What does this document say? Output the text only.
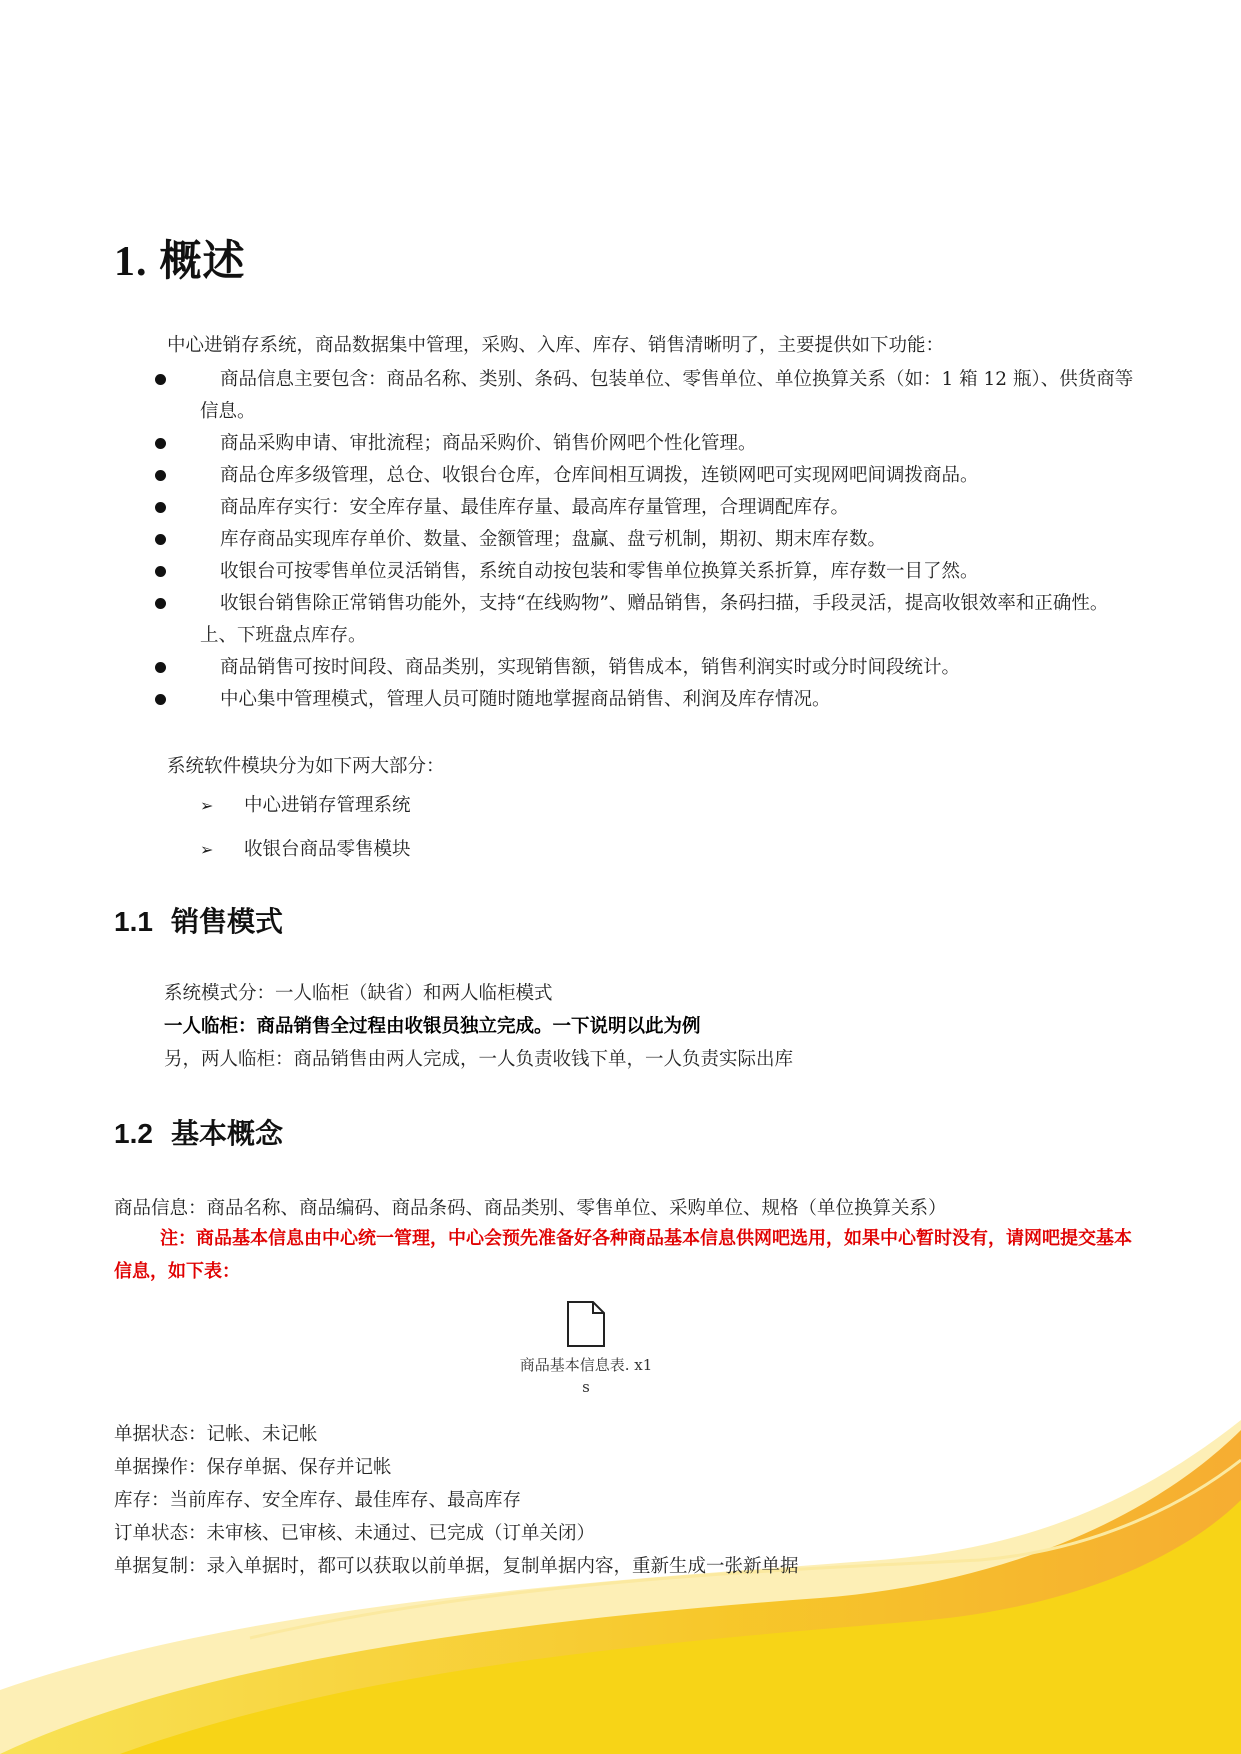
1. 概述
中心进销存系统，商品数据集中管理，采购、入库、库存、销售清晰明了，主要提供如下功能：
商品信息主要包含：商品名称、类别、条码、包装单位、零售单位、单位换算关系（如：1 箱 12 瓶）、供货商等信息。
商品采购申请、审批流程；商品采购价、销售价网吧个性化管理。
商品仓库多级管理，总仓、收银台仓库，仓库间相互调拨，连锁网吧可实现网吧间调拨商品。
商品库存实行：安全库存量、最佳库存量、最高库存量管理，合理调配库存。
库存商品实现库存单价、数量、金额管理；盘赢、盘亏机制，期初、期末库存数。
收银台可按零售单位灵活销售，系统自动按包装和零售单位换算关系折算，库存数一目了然。
收银台销售除正常销售功能外，支持“在线购物”、赠品销售，条码扫描，手段灵活，提高收银效率和正确性。上、下班盘点库存。
商品销售可按时间段、商品类别，实现销售额，销售成本，销售利润实时或分时间段统计。
中心集中管理模式，管理人员可随时随地掌握商品销售、利润及库存情况。
系统软件模块分为如下两大部分：
➢ 中心进销存管理系统
➢ 收银台商品零售模块
1.1 销售模式
系统模式分：一人临柜（缺省）和两人临柜模式
一人临柜：商品销售全过程由收银员独立完成。一下说明以此为例
另，两人临柜：商品销售由两人完成，一人负责收钱下单，一人负责实际出库
1.2 基本概念
商品信息：商品名称、商品编码、商品条码、商品类别、零售单位、采购单位、规格（单位换算关系）
注：商品基本信息由中心统一管理，中心会预先准备好各种商品基本信息供网吧选用，如果中心暂时没有，请网吧提交基本信息，如下表：
商品基本信息表. x1
s
单据状态：记帐、未记帐
单据操作：保存单据、保存并记帐
库存：当前库存、安全库存、最佳库存、最高库存
订单状态：未审核、已审核、未通过、已完成（订单关闭）
单据复制：录入单据时，都可以获取以前单据，复制单据内容，重新生成一张新单据
